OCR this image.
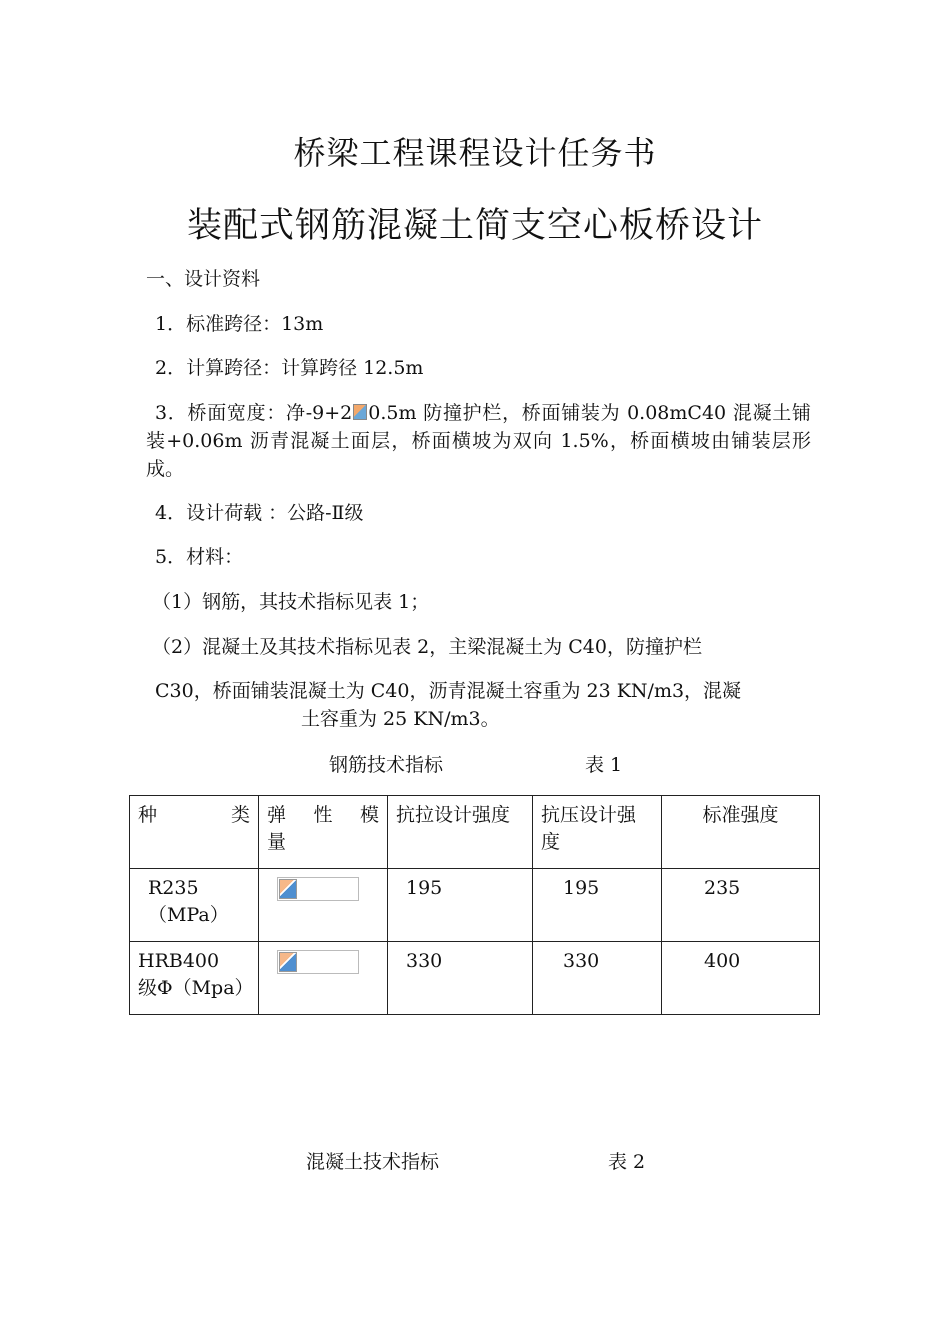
桥梁工程课程设计任务书
装配式钢筋混凝土简支空心板桥设计
一、设计资料
1．标准跨径：13m
2．计算跨径：计算跨径 12.5m
3．桥面宽度：净-9+2 0.5m 防撞护栏，桥面铺装为 0.08mC40 混凝土铺装+0.06m 沥青混凝土面层，桥面横坡为双向 1.5%，桥面横坡由铺装层形成。
4．设计荷载 ：公路-Ⅱ级
5．材料：
（1）钢筋，其技术指标见表 1；
（2）混凝土及其技术指标见表 2，主梁混凝土为 C40，防撞护栏
C30，桥面铺装混凝土为 C40，沥青混凝土容重为 23 KN/m3，混凝
土容重为 25 KN/m3。
钢筋技术指标	表 1
种　　类	弹　性　模量	抗拉设计强度	抗压设计强度	标准强度
R235（MPa）		195	195	235

HRB400　级Φ（Mpa）		330	330	400
混凝土技术指标	表 2
